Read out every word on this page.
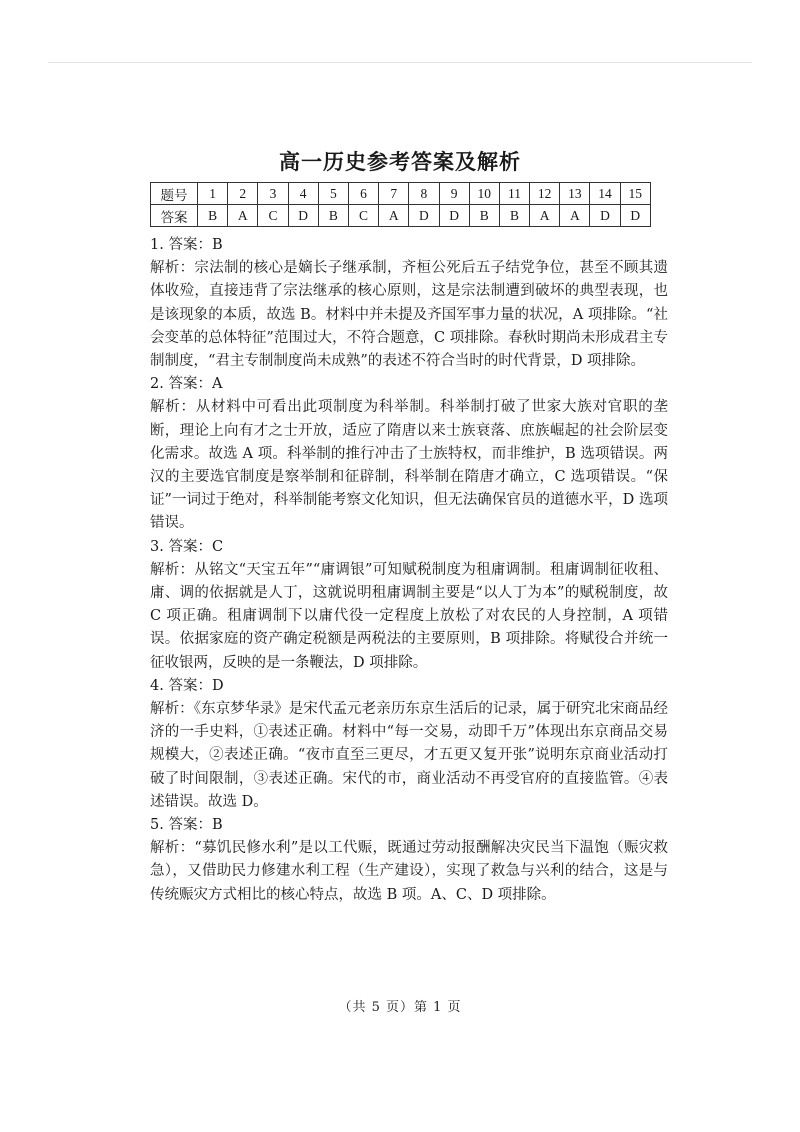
高一历史参考答案及解析
题号	1	2	3	4	5	6	7	8	9	10	11	12	13	14	15
答案	B	A	C	D	B	C	A	D	D	B	B	A	A	D	D

1. 答案：B

解析：宗法制的核心是嫡长子继承制，齐桓公死后五子结党争位，甚至不顾其遗体收殓，直接违背了宗法继承的核心原则，这是宗法制遭到破坏的典型表现，也是该现象的本质，故选 B。材料中并未提及齐国军事力量的状况，A 项排除。“社会变革的总体特征”范围过大，不符合题意，C 项排除。春秋时期尚未形成君主专制制度，“君主专制制度尚未成熟”的表述不符合当时的时代背景，D 项排除。

2. 答案：A

解析：从材料中可看出此项制度为科举制。科举制打破了世家大族对官职的垄断，理论上向有才之士开放，适应了隋唐以来士族衰落、庶族崛起的社会阶层变化需求。故选 A 项。科举制的推行冲击了士族特权，而非维护，B 选项错误。两汉的主要选官制度是察举制和征辟制，科举制在隋唐才确立，C 选项错误。“保证”一词过于绝对，科举制能考察文化知识，但无法确保官员的道德水平，D 选项错误。

3. 答案：C

解析：从铭文“天宝五年”“庸调银”可知赋税制度为租庸调制。租庸调制征收租、庸、调的依据就是人丁，这就说明租庸调制主要是“以人丁为本”的赋税制度，故 C 项正确。租庸调制下以庸代役一定程度上放松了对农民的人身控制，A 项错误。依据家庭的资产确定税额是两税法的主要原则，B 项排除。将赋役合并统一征收银两，反映的是一条鞭法，D 项排除。

4. 答案：D

解析：《东京梦华录》是宋代孟元老亲历东京生活后的记录，属于研究北宋商品经济的一手史料，①表述正确。材料中“每一交易，动即千万”体现出东京商品交易规模大，②表述正确。“夜市直至三更尽，才五更又复开张”说明东京商业活动打破了时间限制，③表述正确。宋代的市，商业活动不再受官府的直接监管。④表述错误。故选 D。

5. 答案：B

解析：“募饥民修水利”是以工代赈，既通过劳动报酬解决灾民当下温饱（赈灾救急），又借助民力修建水利工程（生产建设），实现了救急与兴利的结合，这是与传统赈灾方式相比的核心特点，故选 B 项。A、C、D 项排除。

（共 5 页）第 1 页
